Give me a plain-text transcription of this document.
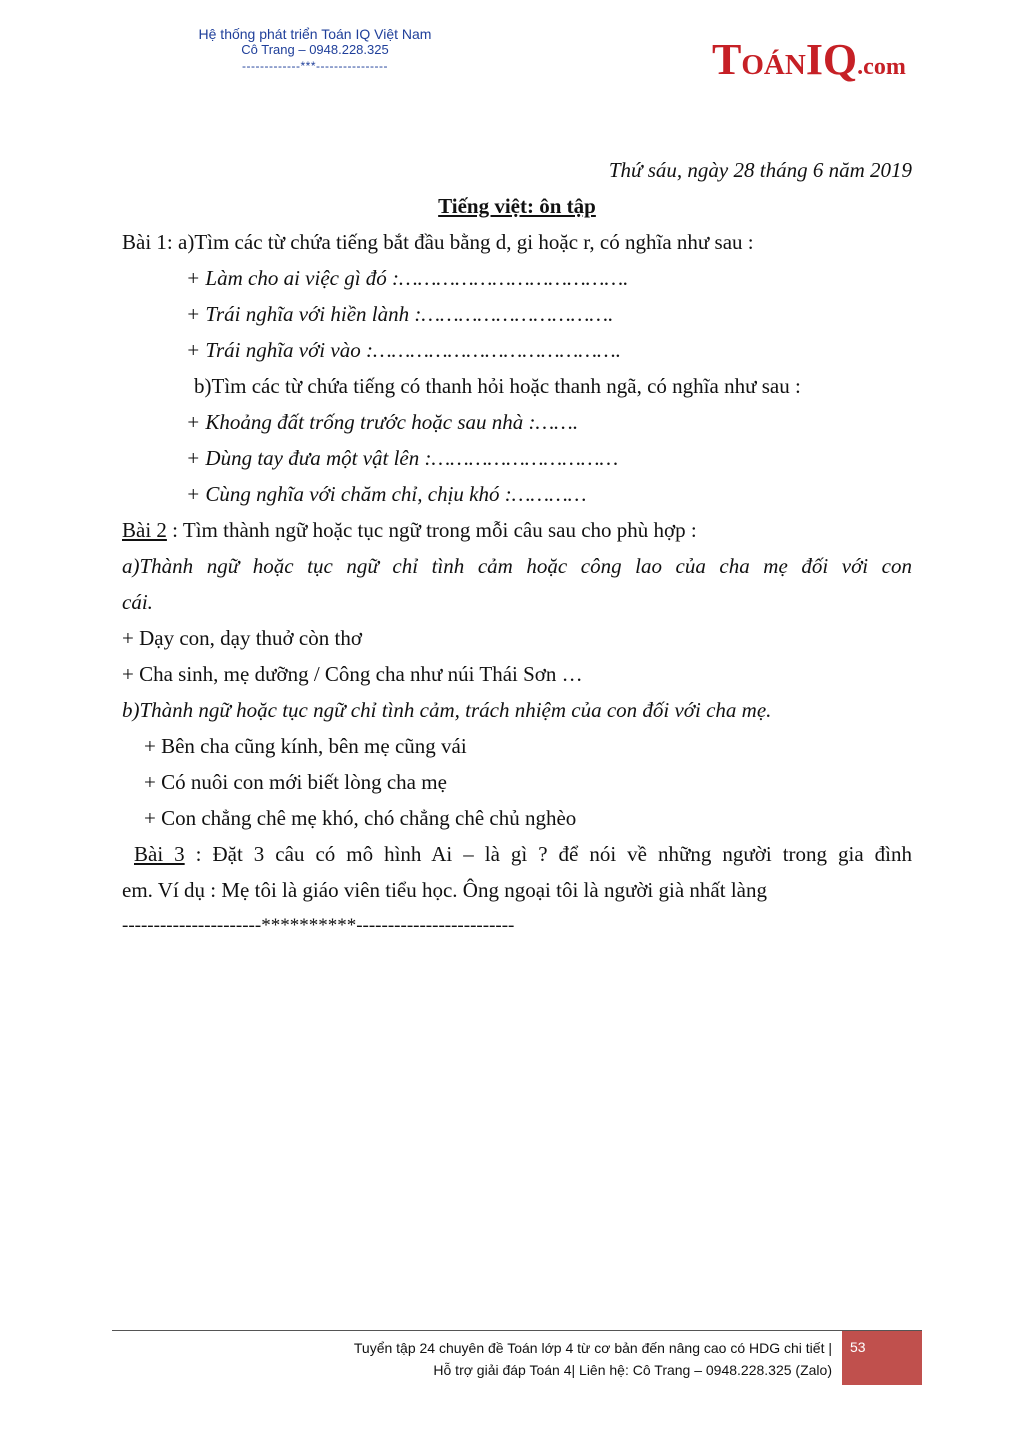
Hệ thống phát triển Toán IQ Việt Nam
Cô Trang – 0948.228.325
-------------***----------------	TOÁNIQ.com
Thứ sáu, ngày 28 tháng 6 năm 2019
Tiếng việt: ôn tập
Bài 1: a)Tìm các từ chứa tiếng bắt đầu bằng d, gi hoặc r, có nghĩa như sau :
+ Làm cho ai việc gì đó :……………………………….
+ Trái nghĩa với hiền lành :………………………….
+ Trái nghĩa với vào :………………………………….
b)Tìm các từ chứa tiếng có thanh hỏi hoặc thanh ngã, có nghĩa như sau :
+ Khoảng đất trống trước hoặc sau nhà :…….
+ Dùng tay đưa một vật lên :…………………………
+ Cùng nghĩa với chăm chỉ, chịu khó :…………
Bài 2 : Tìm thành ngữ hoặc tục ngữ trong mỗi câu sau cho phù hợp :
a)Thành ngữ hoặc tục ngữ chỉ tình cảm hoặc công lao của cha mẹ đối với con
cái.
+ Dạy con, dạy thuở còn thơ
+ Cha sinh, mẹ dưỡng / Công cha như núi Thái Sơn …
b)Thành ngữ hoặc tục ngữ chỉ tình cảm, trách nhiệm của con đối với cha mẹ.
+ Bên cha cũng kính, bên mẹ cũng vái
+ Có nuôi con mới biết lòng cha mẹ
+ Con chẳng chê mẹ khó, chó chẳng chê chủ nghèo
Bài 3 : Đặt 3 câu có mô hình Ai – là gì ? để nói về những người trong gia đình
em. Ví dụ : Mẹ tôi là giáo viên tiểu học. Ông ngoại tôi là người già nhất làng
----------------------**********-------------------------
Tuyển tập 24 chuyên đề Toán lớp 4 từ cơ bản đến nâng cao có HDG chi tiết |
Hỗ trợ giải đáp Toán 4| Liên hệ: Cô Trang – 0948.228.325 (Zalo)
53
